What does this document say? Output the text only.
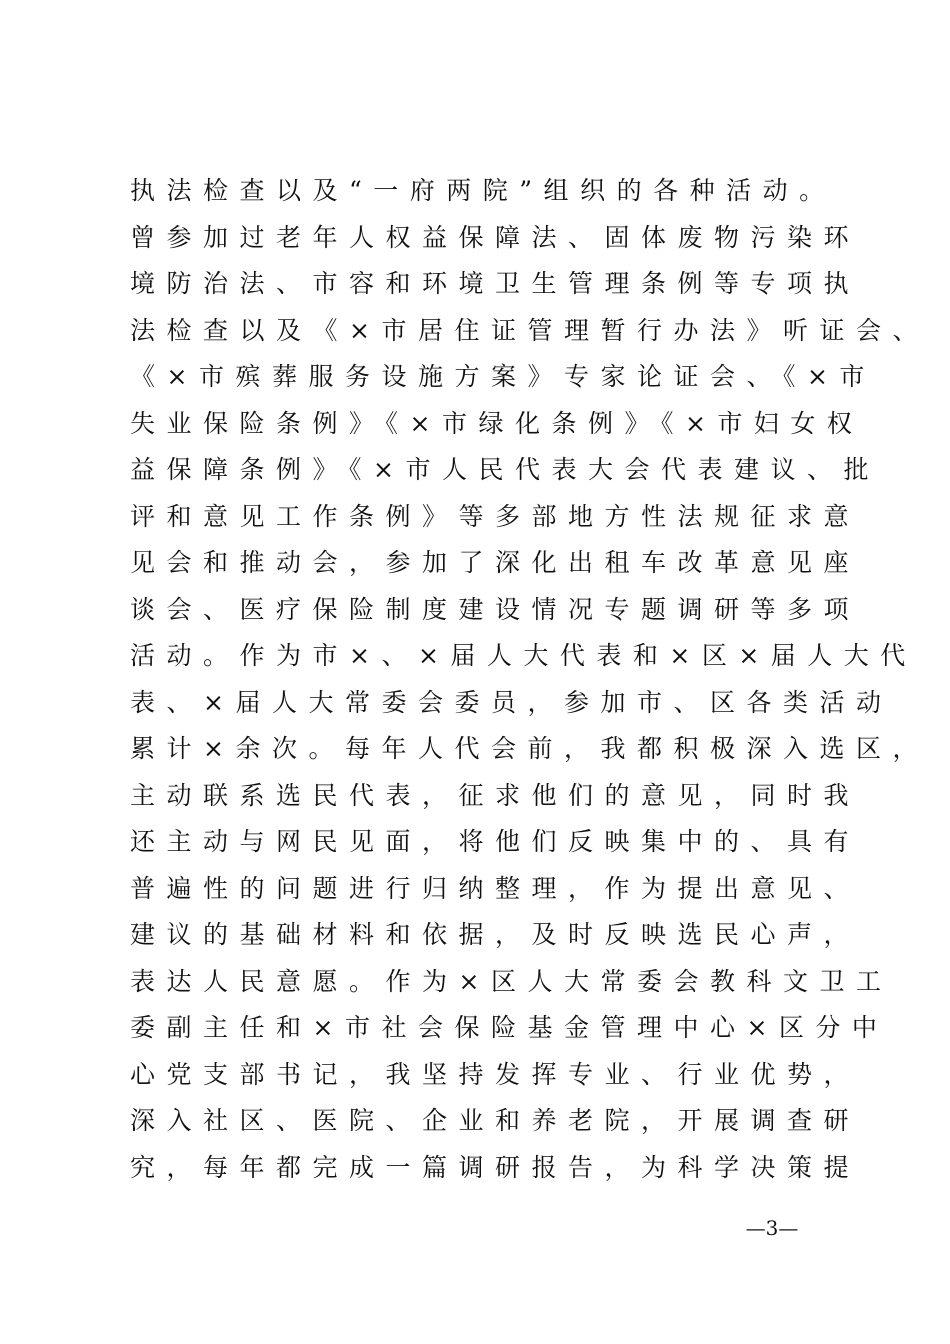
执法检查以及“一府两院”组织的各种活动。
曾参加过老年人权益保障法、固体废物污染环
境防治法、市容和环境卫生管理条例等专项执
法检查以及《×市居住证管理暂行办法》听证会、
《×市殡葬服务设施方案》专家论证会、《×市
失业保险条例》《×市绿化条例》《×市妇女权
益保障条例》《×市人民代表大会代表建议、批
评和意见工作条例》等多部地方性法规征求意
见会和推动会，参加了深化出租车改革意见座
谈会、医疗保险制度建设情况专题调研等多项
活动。作为市×、×届人大代表和×区×届人大代
表、×届人大常委会委员，参加市、区各类活动
累计×余次。每年人代会前，我都积极深入选区，
主动联系选民代表，征求他们的意见，同时我
还主动与网民见面，将他们反映集中的、具有
普遍性的问题进行归纳整理，作为提出意见、
建议的基础材料和依据，及时反映选民心声，
表达人民意愿。作为×区人大常委会教科文卫工
委副主任和×市社会保险基金管理中心×区分中
心党支部书记，我坚持发挥专业、行业优势，
深入社区、医院、企业和养老院，开展调查研
究，每年都完成一篇调研报告，为科学决策提
—3—
